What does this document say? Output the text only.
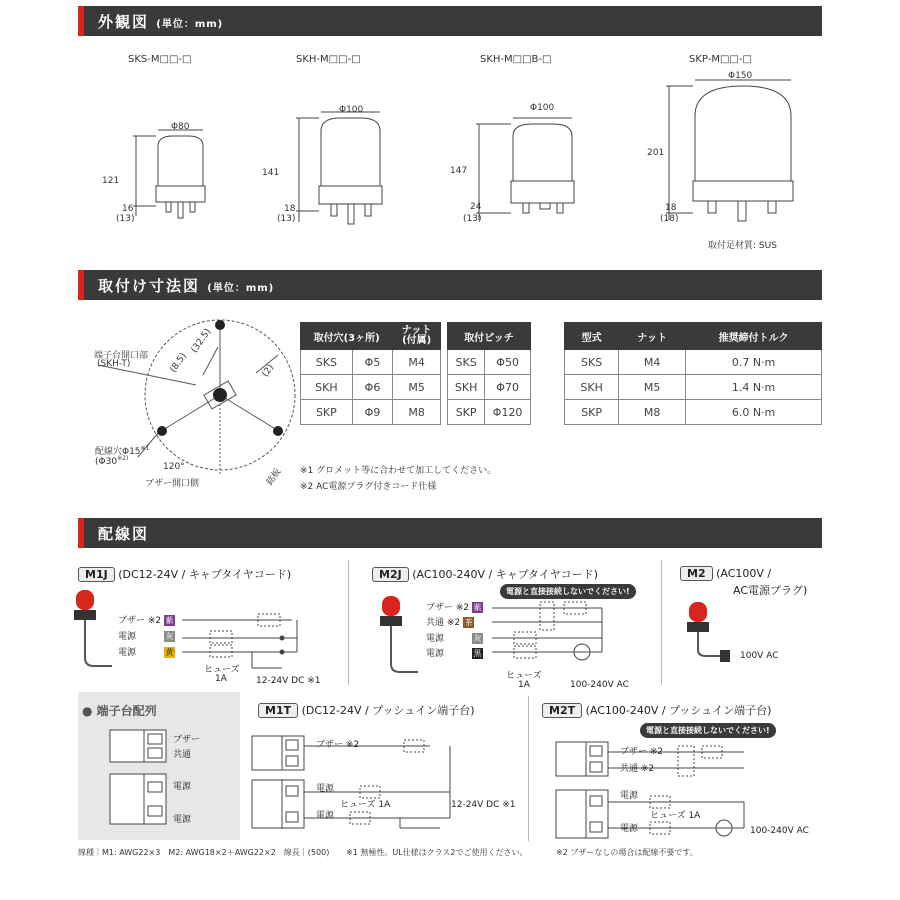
外観図 (単位：mm)
SKS-M□□-□	SKH-M□□-□	SKH-M□□B-□	SKP-M□□-□
Φ80
121
16
(13)
Φ100
141
18
(13)
Φ100
147
24
(13)
Φ150
201
18
(18)
取付足材質: SUS
取付け寸法図 (単位：mm)
端子台開口部
(SKH-T)
配線穴Φ15$^{※1}$
(Φ30$^{※2)}$
(32.5)
(8.5)	(2)
120°
ブザー開口側	銘板
取付穴(3ヶ所)		ナット
(付属)
SKS	Φ5	M4
SKH	Φ6	M5
SKP	Φ9	M8
取付ピッチ	
SKS	Φ50
SKH	Φ70
SKP	Φ120
型式	ナット	推奨締付トルク
SKS	M4	0.7 N·m
SKH	M5	1.4 N·m
SKP	M8	6.0 N·m
※1 グロメット等に合わせて加工してください。
※2 AC電源プラグ付きコード仕様
配線図
M1J (DC12-24V / キャブタイヤコード)
ブザー ※2 紫
電源	灰
電源	黄
ヒューズ
1A	12-24V DC ※1
M2J (AC100-240V / キャブタイヤコード)
電源と直接接続しないでください!
ブザー ※2 紫
共通 ※2 茶
電源	灰
電源	黒
ヒューズ
1A	100-240V AC
M2 (AC100V /
AC電源プラグ)
100V AC
● 端子台配列
ブザー
共通
電源
電源
M1T (DC12-24V / プッシュイン端子台)
ブザー ※2
電源
ヒューズ 1A
電源
12-24V DC ※1
M2T (AC100-240V / プッシュイン端子台)
電源と直接接続しないでください!
ブザー ※2
共通 ※2
電源
ヒューズ 1A
電源	100-240V AC
線種｜M1: AWG22×3　M2: AWG18×2＋AWG22×2　線長｜(500) ※1 無極性。UL仕様はクラス2でご使用ください。	※2 ブザーなしの場合は配線不要です。
